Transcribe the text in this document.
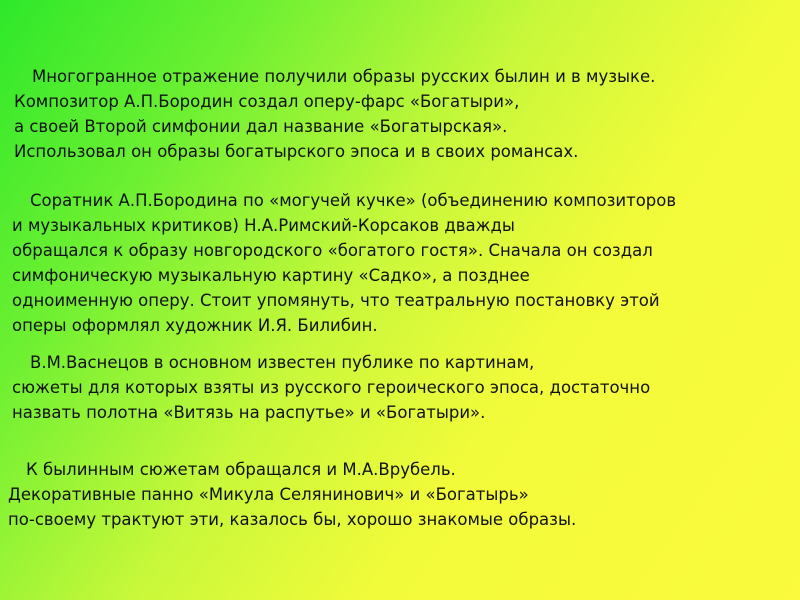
Многогранное отражение получили образы русских былин и в музыке.
Композитор А.П.Бородин создал оперу-фарс «Богатыри»,
а своей Второй симфонии дал название «Богатырская».
Использовал он образы богатырского эпоса и в своих романсах.
Соратник А.П.Бородина по «могучей кучке» (объединению композиторов
и музыкальных критиков) Н.А.Римский-Корсаков дважды
обращался к образу новгородского «богатого гостя». Сначала он создал
симфоническую музыкальную картину «Садко», а позднее
одноименную оперу. Стоит упомянуть, что театральную постановку этой
оперы оформлял художник И.Я. Билибин.
В.М.Васнецов в основном известен публике по картинам,
сюжеты для которых взяты из русского героического эпоса, достаточно
назвать полотна «Витязь на распутье» и «Богатыри».
К былинным сюжетам обращался и М.А.Врубель.
Декоративные панно «Микула Селянинович» и «Богатырь»
по-своему трактуют эти, казалось бы, хорошо знакомые образы.
